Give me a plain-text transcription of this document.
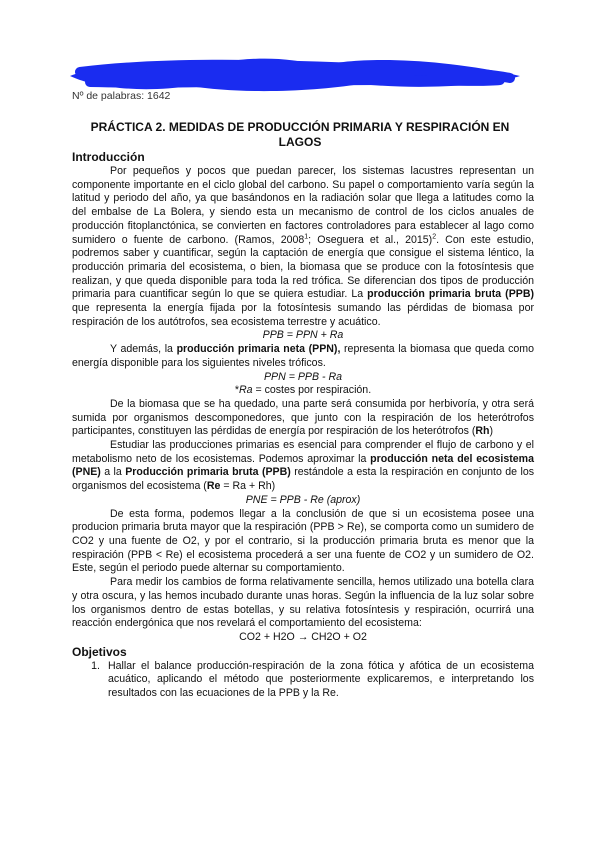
Nº de palabras: 1642
PRÁCTICA 2. MEDIDAS DE PRODUCCIÓN PRIMARIA Y RESPIRACIÓN EN LAGOS
Introducción

Por pequeños y pocos que puedan parecer, los sistemas lacustres representan un componente importante en el ciclo global del carbono. Su papel o comportamiento varía según la latitud y periodo del año, ya que basándonos en la radiación solar que llega a latitudes como la del embalse de La Bolera, y siendo esta un mecanismo de control de los ciclos anuales de producción fitoplanctónica, se convierten en factores controladores para establecer al lago como sumidero o fuente de carbono. (Ramos, 2008$^1$; Oseguera et al., 2015)$^2$. Con este estudio, podremos saber y cuantificar, según la captación de energía que consigue el sistema léntico, la producción primaria del ecosistema, o bien, la biomasa que se produce con la fotosíntesis que realizan, y que queda disponible para toda la red trófica. Se diferencian dos tipos de producción primaria para cuantificar según lo que se quiera estudiar. La producción primaria bruta (PPB) que representa la energía fijada por la fotosíntesis sumando las pérdidas de biomasa por respiración de los autótrofos, sea ecosistema terrestre y acuático.

PPB = PPN + Ra

Y además, la producción primaria neta (PPN), representa la biomasa que queda como energía disponible para los siguientes niveles tróficos.

PPN = PPB - Ra

*Ra = costes por respiración.

De la biomasa que se ha quedado, una parte será consumida por herbivoría, y otra será sumida por organismos descomponedores, que junto con la respiración de los heterótrofos participantes, constituyen las pérdidas de energía por respiración de los heterótrofos (Rh)

Estudiar las producciones primarias es esencial para comprender el flujo de carbono y el metabolismo neto de los ecosistemas. Podemos aproximar la producción neta del ecosistema (PNE) a la Producción primaria bruta (PPB) restándole a esta la respiración en conjunto de los organismos del ecosistema (Re = Ra + Rh)

PNE = PPB - Re (aprox)

De esta forma, podemos llegar a la conclusión de que si un ecosistema posee una producion primaria bruta mayor que la respiración (PPB > Re), se comporta como un sumidero de CO2 y una fuente de O2, y por el contrario, si la producción primaria bruta es menor que la respiración (PPB < Re) el ecosistema procederá a ser una fuente de CO2 y un sumidero de O2. Este, según el periodo puede alternar su comportamiento.

Para medir los cambios de forma relativamente sencilla, hemos utilizado una botella clara y otra oscura, y las hemos incubado durante unas horas. Según la influencia de la luz solar sobre los organismos dentro de estas botellas, y su relativa fotosíntesis y respiración, ocurrirá una reacción endergónica que nos revelará el comportamiento del ecosistema:

CO2 + H2O → CH2O + O2

Objetivos
1. Hallar el balance producción-respiración de la zona fótica y afótica de un ecosistema acuático, aplicando el método que posteriormente explicaremos, e interpretando los resultados con las ecuaciones de la PPB y la Re.
